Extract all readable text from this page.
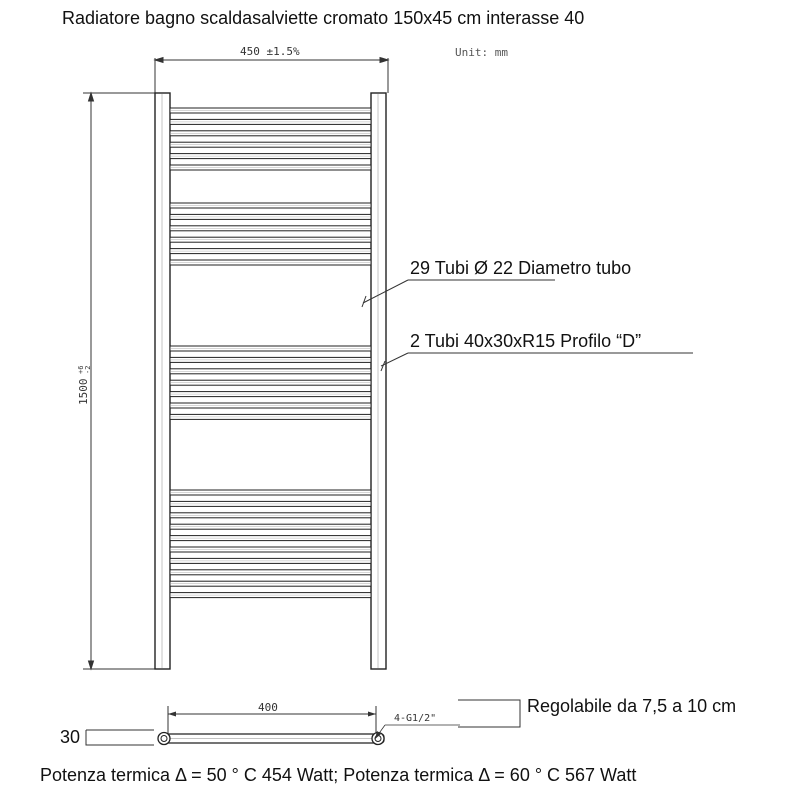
Radiatore bagno scaldasalviette cromato 150x45 cm interasse 40
450 ±1.5%	Unit: mm
1500
+6 -2
400
4-G1/2"
29 Tubi Ø 22 Diametro tubo
2 Tubi 40x30xR15 Profilo “D”
Regolabile da 7,5 a 10 cm
30
Potenza termica Δ = 50 ° C 454 Watt; Potenza termica Δ = 60 ° C 567 Watt
